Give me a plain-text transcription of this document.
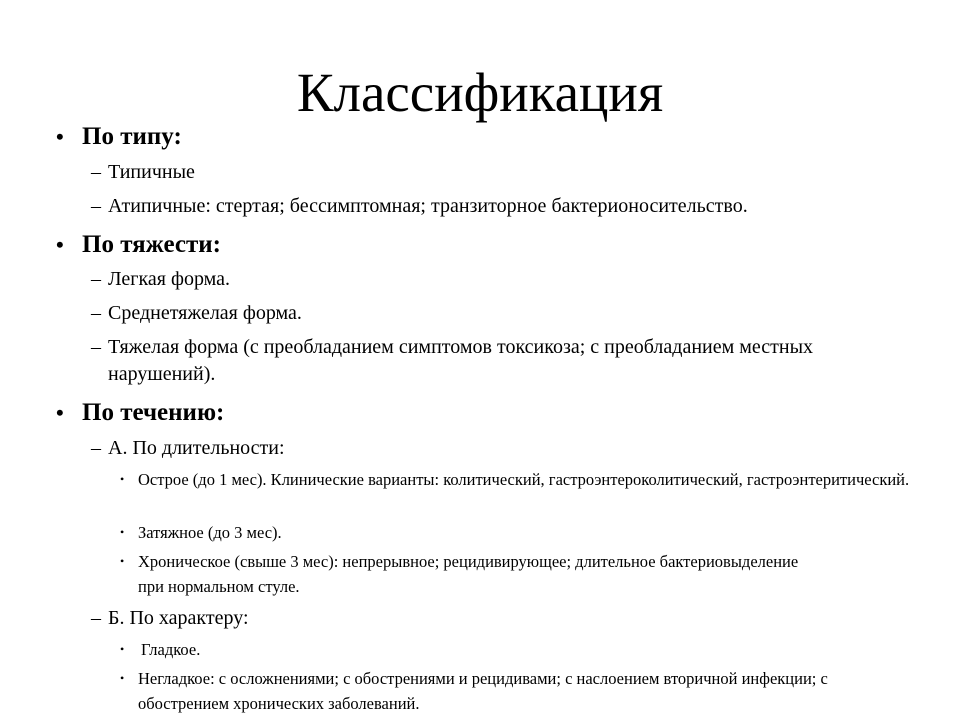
Классификация
• По типу:
– Типичные
– Атипичные: стертая; бессимптомная; транзиторное бактерионосительство.
• По тяжести:
– Легкая форма.
– Среднетяжелая форма.
– Тяжелая форма (с преобладанием симптомов токсикоза; с преобладанием местных нарушений).
• По течению:
– А. По длительности:
• Острое (до 1 мес). Клинические варианты: колитический, гастроэнтероколитический, гастроэнтеритический.
• Затяжное (до 3 мес).
• Хроническое (свыше 3 мес): непрерывное; рецидивирующее; длительное бактериовыделение при нормальном стуле.
– Б. По характеру:
•	Гладкое.
• Негладкое: с осложнениями; с обострениями и рецидивами; с наслоением вторичной инфекции; с обострением хронических заболеваний.
